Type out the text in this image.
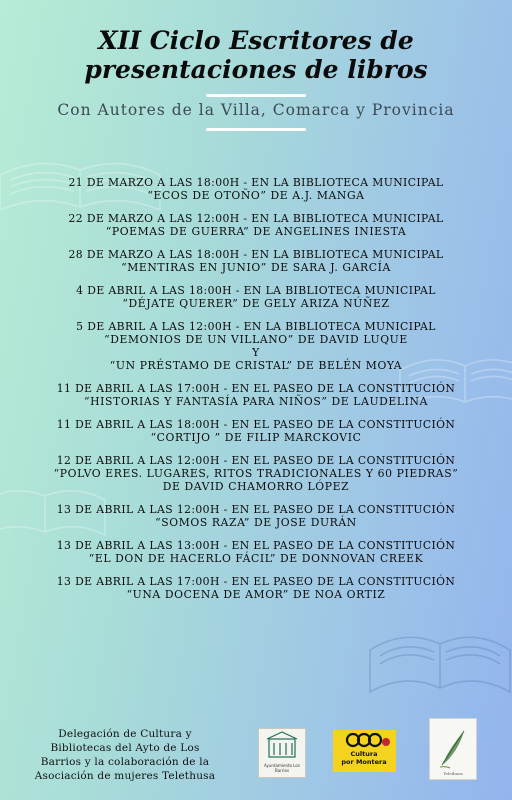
XII Ciclo Escritores de
presentaciones de libros
Con Autores de la Villa, Comarca y Provincia
21 DE MARZO A LAS 18:00H - EN LA BIBLIOTECA MUNICIPAL
“ECOS DE OTOÑO” DE A.J. MANGA
22 DE MARZO A LAS 12:00H - EN LA BIBLIOTECA MUNICIPAL
“POEMAS DE GUERRA” DE ANGELINES INIESTA
28 DE MARZO A LAS 18:00H - EN LA BIBLIOTECA MUNICIPAL
“MENTIRAS EN JUNIO” DE SARA J. GARCÍA
4 DE ABRIL A LAS 18:00H - EN LA BIBLIOTECA MUNICIPAL
“DÉJATE QUERER” DE GELY ARIZA NÚÑEZ
5 DE ABRIL A LAS 12:00H - EN LA BIBLIOTECA MUNICIPAL
“DEMONIOS DE UN VILLANO” DE DAVID LUQUE
Y
“UN PRÉSTAMO DE CRISTAL” DE BELÉN MOYA
11 DE ABRIL A LAS 17:00H - EN EL PASEO DE LA CONSTITUCIÓN
“HISTORIAS Y FANTASÍA PARA NIÑOS” DE LAUDELINA
11 DE ABRIL A LAS 18:00H - EN EL PASEO DE LA CONSTITUCIÓN
“CORTIJO ” DE FILIP MARCKOVIC
12 DE ABRIL A LAS 12:00H - EN EL PASEO DE LA CONSTITUCIÓN
“POLVO ERES. LUGARES, RITOS TRADICIONALES Y 60 PIEDRAS”
DE DAVID CHAMORRO LÓPEZ
13 DE ABRIL A LAS 12:00H - EN EL PASEO DE LA CONSTITUCIÓN
“SOMOS RAZA” DE JOSE DURÁN
13 DE ABRIL A LAS 13:00H - EN EL PASEO DE LA CONSTITUCIÓN
“EL DON DE HACERLO FÁCIL” DE DONNOVAN CREEK
13 DE ABRIL A LAS 17:00H - EN EL PASEO DE LA CONSTITUCIÓN
“UNA DOCENA DE AMOR” DE NOA ORTIZ
Delegación de Cultura y
Bibliotecas del Ayto de Los
Barrios y la colaboración de la
Asociación de mujeres Telethusa
Ayuntamiento Los Barrios
Cultura
por Montera
Telethusa
